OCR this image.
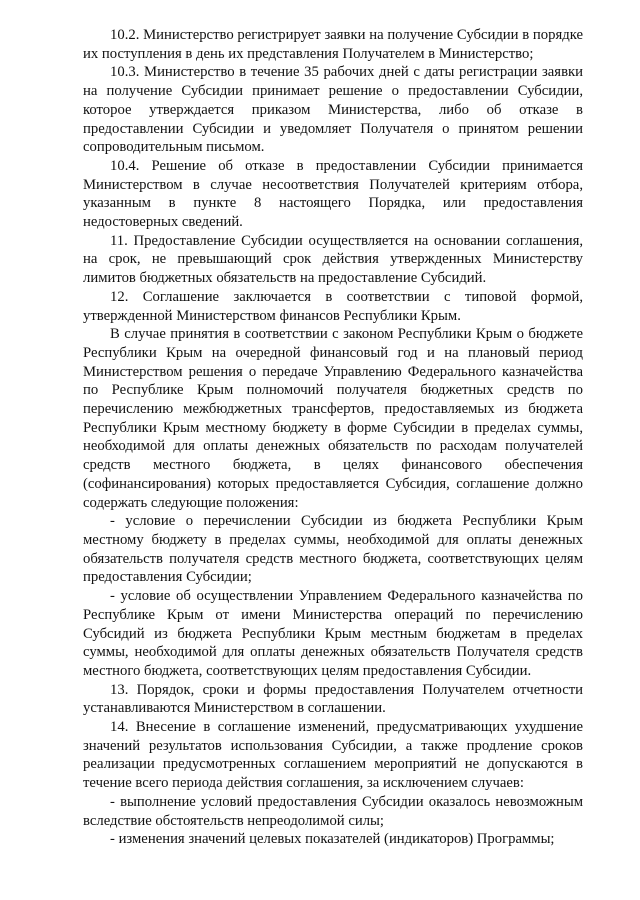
10.2. Министерство регистрирует заявки на получение Субсидии в порядке их поступления в день их представления Получателем в Министерство;

10.3. Министерство в течение 35 рабочих дней с даты регистрации заявки на получение Субсидии принимает решение о предоставлении Субсидии, которое утверждается приказом Министерства, либо об отказе в предоставлении Субсидии и уведомляет Получателя о принятом решении сопроводительным письмом.

10.4. Решение об отказе в предоставлении Субсидии принимается Министерством в случае несоответствия Получателей критериям отбора, указанным в пункте 8 настоящего Порядка, или предоставления недостоверных сведений.

11. Предоставление Субсидии осуществляется на основании соглашения, на срок, не превышающий срок действия утвержденных Министерству лимитов бюджетных обязательств на предоставление Субсидий.

12. Соглашение заключается в соответствии с типовой формой, утвержденной Министерством финансов Республики Крым.

В случае принятия в соответствии с законом Республики Крым о бюджете Республики Крым на очередной финансовый год и на плановый период Министерством решения о передаче Управлению Федерального казначейства по Республике Крым полномочий получателя бюджетных средств по перечислению межбюджетных трансфертов, предоставляемых из бюджета Республики Крым местному бюджету в форме Субсидии в пределах суммы, необходимой для оплаты денежных обязательств по расходам получателей средств местного бюджета, в целях финансового обеспечения (софинансирования) которых предоставляется Субсидия, соглашение должно содержать следующие положения:

- условие о перечислении Субсидии из бюджета Республики Крым местному бюджету в пределах суммы, необходимой для оплаты денежных обязательств получателя средств местного бюджета, соответствующих целям предоставления Субсидии;

- условие об осуществлении Управлением Федерального казначейства по Республике Крым от имени Министерства операций по перечислению Субсидий из бюджета Республики Крым местным бюджетам в пределах суммы, необходимой для оплаты денежных обязательств Получателя средств местного бюджета, соответствующих целям предоставления Субсидии.

13. Порядок, сроки и формы предоставления Получателем отчетности устанавливаются Министерством в соглашении.

14. Внесение в соглашение изменений, предусматривающих ухудшение значений результатов использования Субсидии, а также продление сроков реализации предусмотренных соглашением мероприятий не допускаются в течение всего периода действия соглашения, за исключением случаев:

- выполнение условий предоставления Субсидии оказалось невозможным вследствие обстоятельств непреодолимой силы;

- изменения значений целевых показателей (индикаторов) Программы;
